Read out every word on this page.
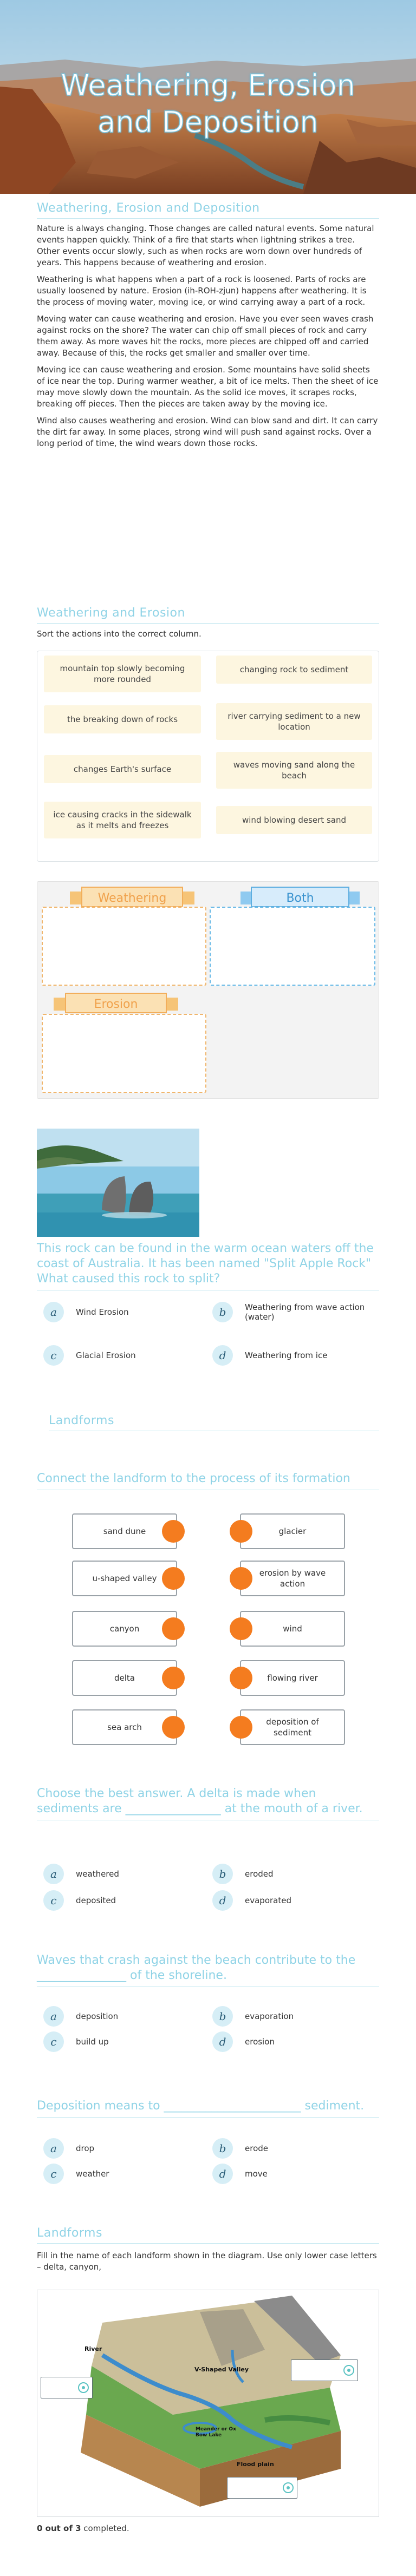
Weathering, Erosion
and Deposition
Weathering, Erosion and Deposition
Nature is always changing. Those changes are called natural events. Some natural events happen quickly. Think of a fire that starts when lightning strikes a tree. Other events occur slowly, such as when rocks are worn down over hundreds of years. This happens because of weathering and erosion.
Weathering is what happens when a part of a rock is loosened. Parts of rocks are usually loosened by nature. Erosion (ih-ROH-zjun) happens after weathering. It is the process of moving water, moving ice, or wind carrying away a part of a rock.
Moving water can cause weathering and erosion. Have you ever seen waves crash against rocks on the shore? The water can chip off small pieces of rock and carry them away. As more waves hit the rocks, more pieces are chipped off and carried away. Because of this, the rocks get smaller and smaller over time.
Moving ice can cause weathering and erosion. Some mountains have solid sheets of ice near the top. During warmer weather, a bit of ice melts. Then the sheet of ice may move slowly down the mountain. As the solid ice moves, it scrapes rocks, breaking off pieces. Then the pieces are taken away by the moving ice.
Wind also causes weathering and erosion. Wind can blow sand and dirt. It can carry the dirt far away. In some places, strong wind will push sand against rocks. Over a long period of time, the wind wears down those rocks.
Weathering and Erosion
Sort the actions into the correct column.
mountain top slowly becoming more rounded
changing rock to sediment
the breaking down of rocks	river carrying sediment to a new location
changes Earth's surface	waves moving sand along the beach
ice causing cracks in the sidewalk as it melts and freezes
wind blowing desert sand
Weathering	Both
Erosion
This rock can be found in the warm ocean waters off the coast of Australia. It has been named "Split Apple Rock" What caused this rock to split?
a	Wind Erosion	b	Weathering from wave action (water)
c	Glacial Erosion	d	Weathering from ice
Landforms
Connect the landform to the process of its formation
sand dune
u-shaped valley
canyon
delta
sea arch
glacier
erosion by wave action
wind
flowing river
deposition of sediment
Choose the best answer. A delta is made when sediments are ________________ at the mouth of a river.
a	weathered	b	eroded
c	deposited	d	evaporated
Waves that crash against the beach contribute to the _______________ of the shoreline.
a	deposition	b	evaporation
c	build up	d	erosion
Deposition means to _______________________ sediment.
a	drop	b	erode
c	weather	d	move
Landforms
Fill in the name of each landform shown in the diagram. Use only lower case letters – delta, canyon,
River
V-Shaped Valley
Meander or Ox Bow Lake
Flood plain
0 out of 3 completed.
